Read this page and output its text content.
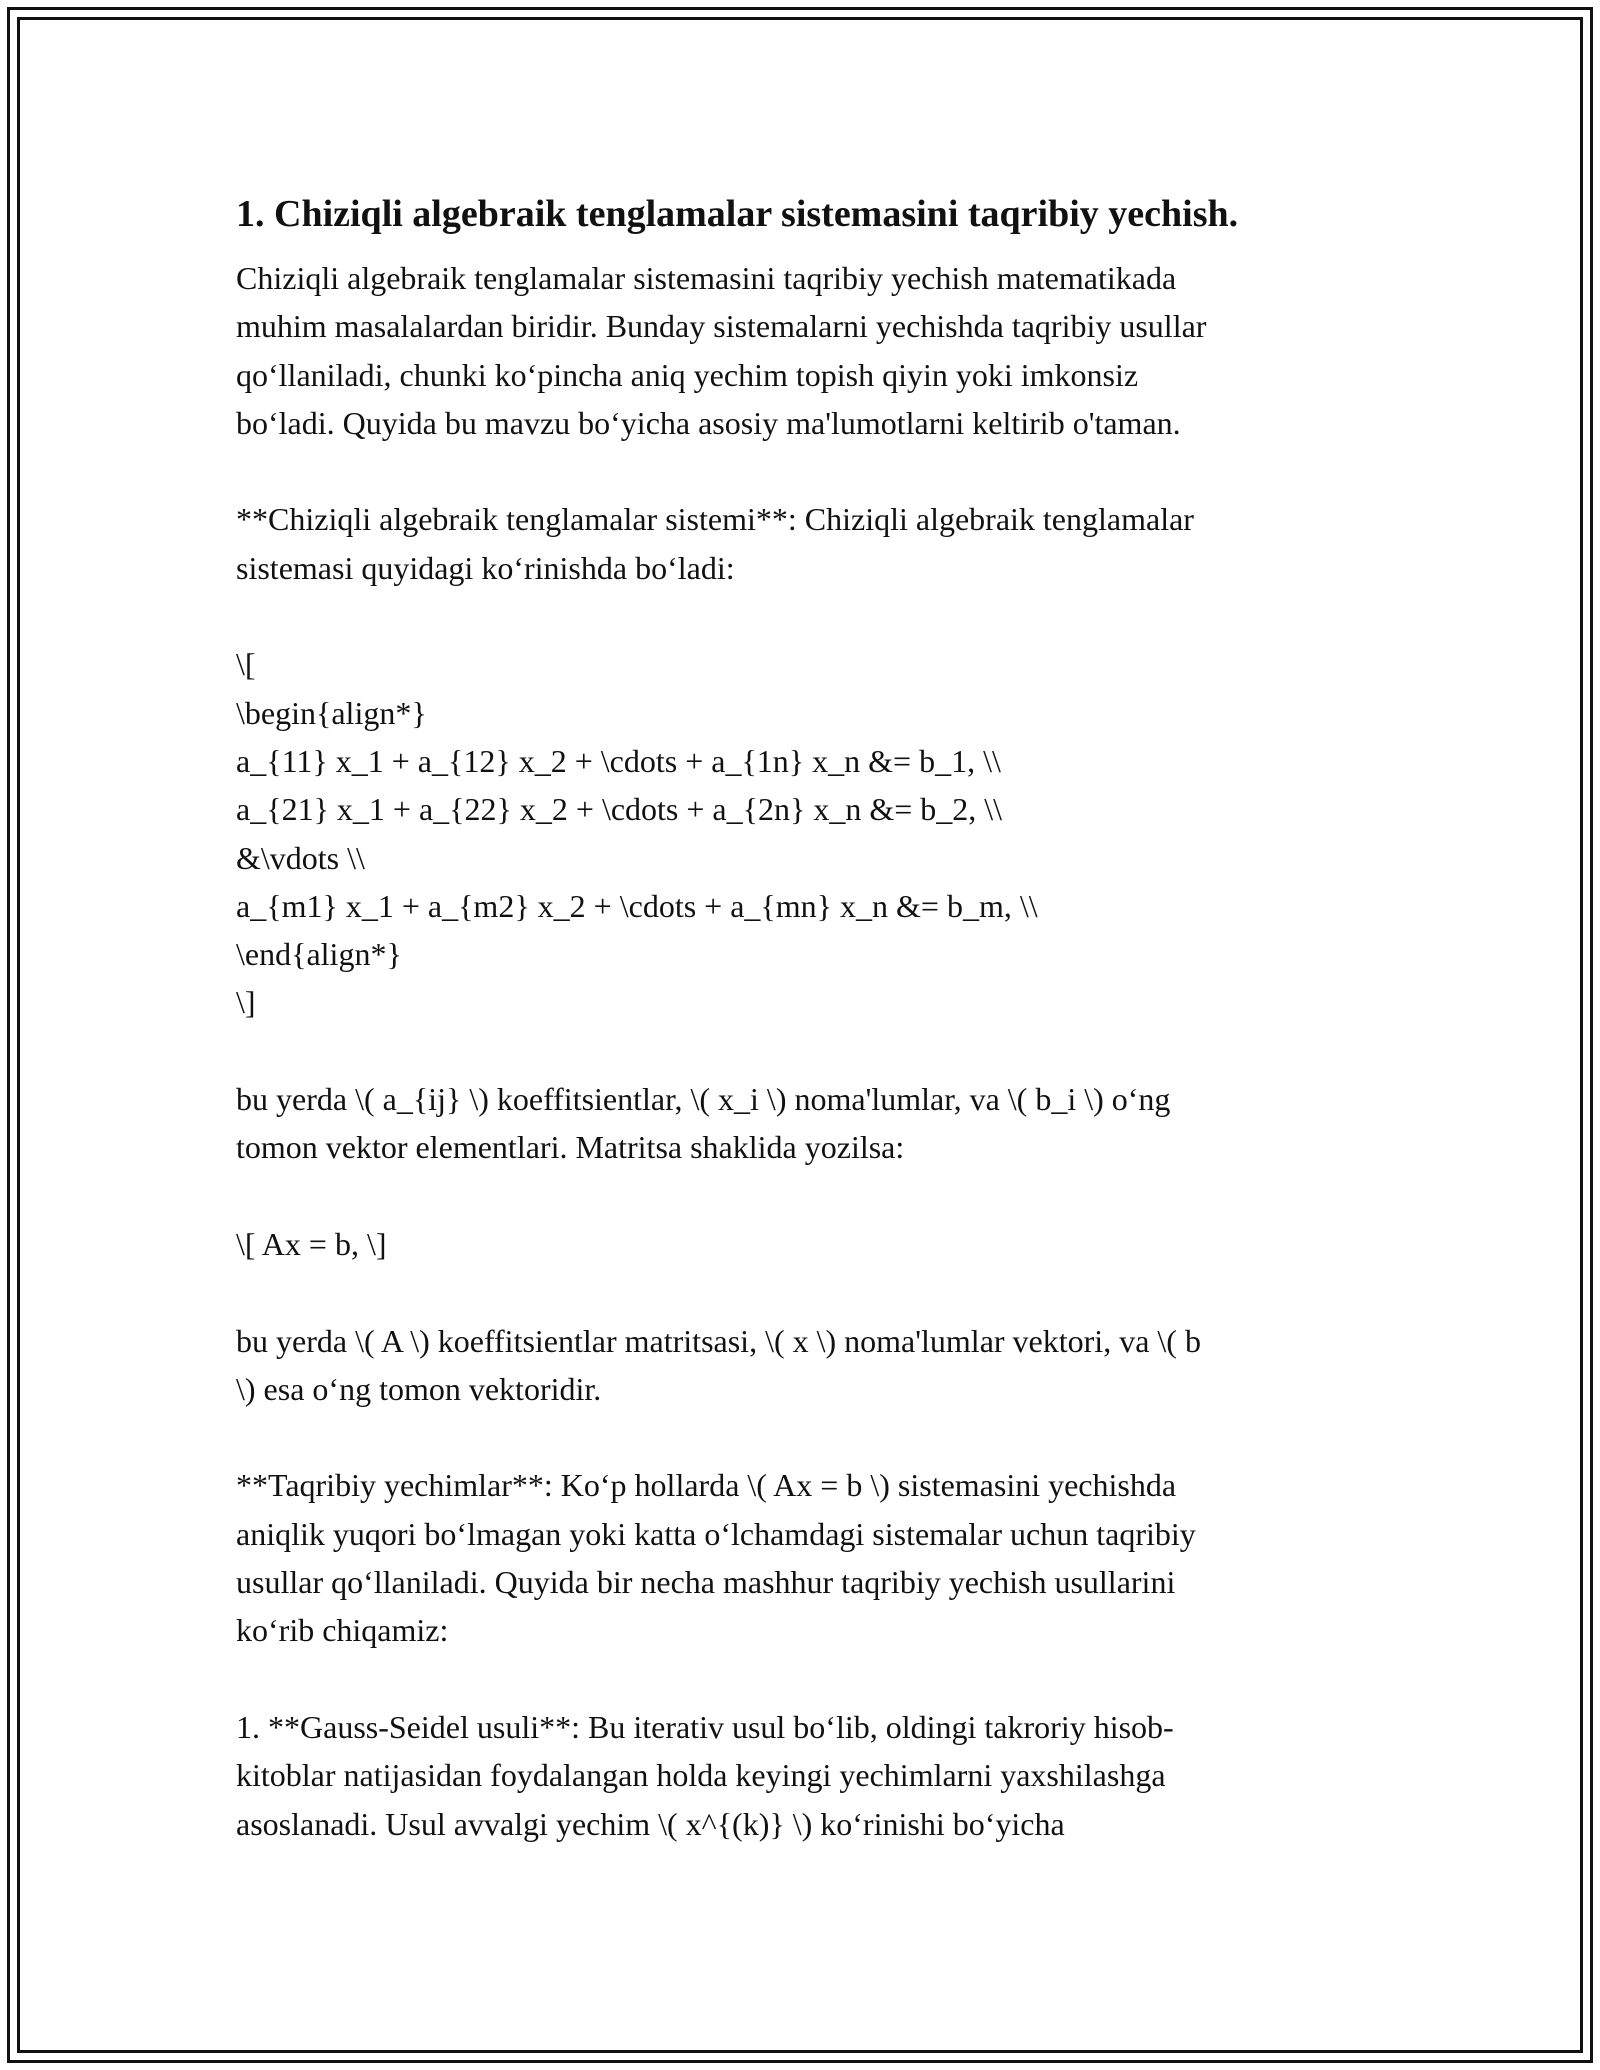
1. Chiziqli algebraik tenglamalar sistemasini taqribiy yechish.
Chiziqli algebraik tenglamalar sistemasini taqribiy yechish matematikada
muhim masalalardan biridir. Bunday sistemalarni yechishda taqribiy usullar
qo‘llaniladi, chunki ko‘pincha aniq yechim topish qiyin yoki imkonsiz
bo‘ladi. Quyida bu mavzu bo‘yicha asosiy ma'lumotlarni keltirib o'taman.
**Chiziqli algebraik tenglamalar sistemi**: Chiziqli algebraik tenglamalar
sistemasi quyidagi ko‘rinishda bo‘ladi:
\[
\begin{align*}
a_{11} x_1 + a_{12} x_2 + \cdots + a_{1n} x_n &= b_1, \\
a_{21} x_1 + a_{22} x_2 + \cdots + a_{2n} x_n &= b_2, \\
&\vdots \\
a_{m1} x_1 + a_{m2} x_2 + \cdots + a_{mn} x_n &= b_m, \\
\end{align*}
\]
bu yerda \( a_{ij} \) koeffitsientlar, \( x_i \) noma'lumlar, va \( b_i \) o‘ng
tomon vektor elementlari. Matritsa shaklida yozilsa:
\[ Ax = b, \]
bu yerda \( A \) koeffitsientlar matritsasi, \( x \) noma'lumlar vektori, va \( b
\) esa o‘ng tomon vektoridir.
**Taqribiy yechimlar**: Ko‘p hollarda \( Ax = b \) sistemasini yechishda
aniqlik yuqori bo‘lmagan yoki katta o‘lchamdagi sistemalar uchun taqribiy
usullar qo‘llaniladi. Quyida bir necha mashhur taqribiy yechish usullarini
ko‘rib chiqamiz:
1. **Gauss-Seidel usuli**: Bu iterativ usul bo‘lib, oldingi takroriy hisob-
kitoblar natijasidan foydalangan holda keyingi yechimlarni yaxshilashga
asoslanadi. Usul avvalgi yechim \( x^{(k)} \) ko‘rinishi bo‘yicha
